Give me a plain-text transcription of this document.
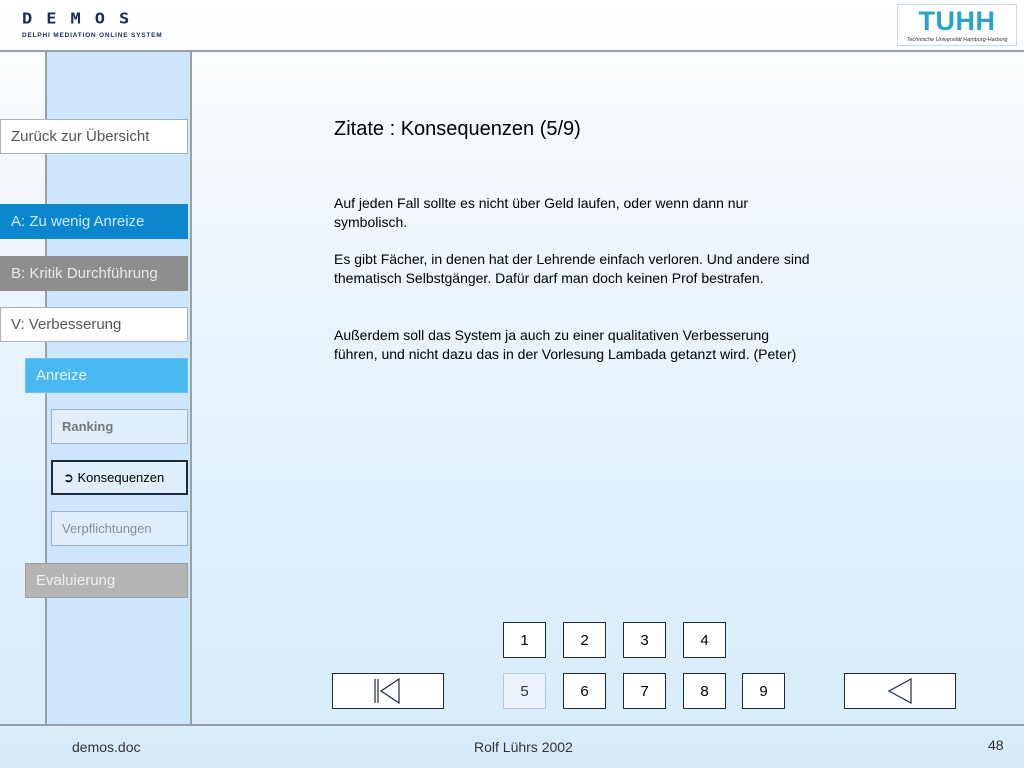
DEMOS
DELPHI MEDIATION ONLINE SYSTEM	TUHH
Technische Universität Hamburg-Harburg
Zurück zur Übersicht
A: Zu wenig Anreize
B: Kritik Durchführung
V: Verbesserung
Anreize
Ranking
➲ Konsequenzen
Verpflichtungen
Evaluierung
Zitate : Konsequenzen (5/9)
Auf jeden Fall sollte es nicht über Geld laufen, oder wenn dann nur symbolisch.
Es gibt Fächer, in denen hat der Lehrende einfach verloren. Und andere sind thematisch Selbstgänger. Dafür darf man doch keinen Prof bestrafen.
Außerdem soll das System ja auch zu einer qualitativen Verbesserung führen, und nicht dazu das in der Vorlesung Lambada getanzt wird. (Peter)
1	2	3	4
5	6	7	8	9
demos.doc	Rolf Lührs 2002	48
